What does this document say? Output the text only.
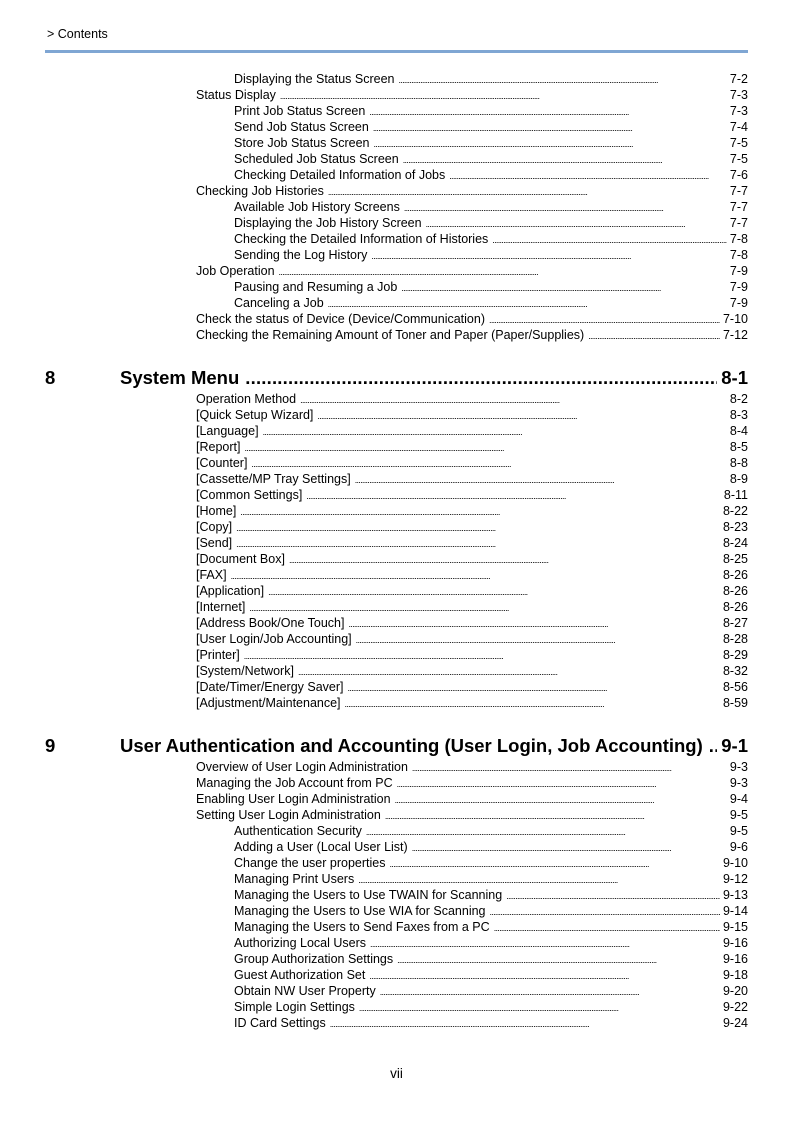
> Contents
Displaying the Status Screen . . .	7-2
Status Display . . .	7-3
Print Job Status Screen . . .	7-3
Send Job Status Screen . . .	7-4
Store Job Status Screen . . .	7-5
Scheduled Job Status Screen . . .	7-5
Checking Detailed Information of Jobs . . .	7-6
Checking Job Histories . . .	7-7
Available Job History Screens . . .	7-7
Displaying the Job History Screen . . .	7-7
Checking the Detailed Information of Histories . . .	7-8
Sending the Log History . . .	7-8
Job Operation . . .	7-9
Pausing and Resuming a Job . . .	7-9
Canceling a Job . . .	7-9
Check the status of Device (Device/Communication) . . .	7-10
Checking the Remaining Amount of Toner and Paper (Paper/Supplies) . . .	7-12
8	System Menu .....	8-1
Operation Method . . .	8-2
[Quick Setup Wizard] . . .	8-3
[Language] . . .	8-4
[Report] . . .	8-5
[Counter] . . .	8-8
[Cassette/MP Tray Settings] . . .	8-9
[Common Settings] . . .	8-11
[Home] . . .	8-22
[Copy] . . .	8-23
[Send] . . .	8-24
[Document Box] . . .	8-25
[FAX] . . .	8-26
[Application] . . .	8-26
[Internet] . . .	8-26
[Address Book/One Touch] . . .	8-27
[User Login/Job Accounting] . . .	8-28
[Printer] . . .	8-29
[System/Network] . . .	8-32
[Date/Timer/Energy Saver] . . .	8-56
[Adjustment/Maintenance] . . .	8-59
9	User Authentication and Accounting (User Login, Job Accounting) .....	9-1
Overview of User Login Administration . . .	9-3
Managing the Job Account from PC . . .	9-3
Enabling User Login Administration . . .	9-4
Setting User Login Administration . . .	9-5
Authentication Security . . .	9-5
Adding a User (Local User List) . . .	9-6
Change the user properties . . .	9-10
Managing Print Users . . .	9-12
Managing the Users to Use TWAIN for Scanning . . .	9-13
Managing the Users to Use WIA for Scanning . . .	9-14
Managing the Users to Send Faxes from a PC . . .	9-15
Authorizing Local Users . . .	9-16
Group Authorization Settings . . .	9-16
Guest Authorization Set . . .	9-18
Obtain NW User Property . . .	9-20
Simple Login Settings . . .	9-22
ID Card Settings . . .	9-24
vii
